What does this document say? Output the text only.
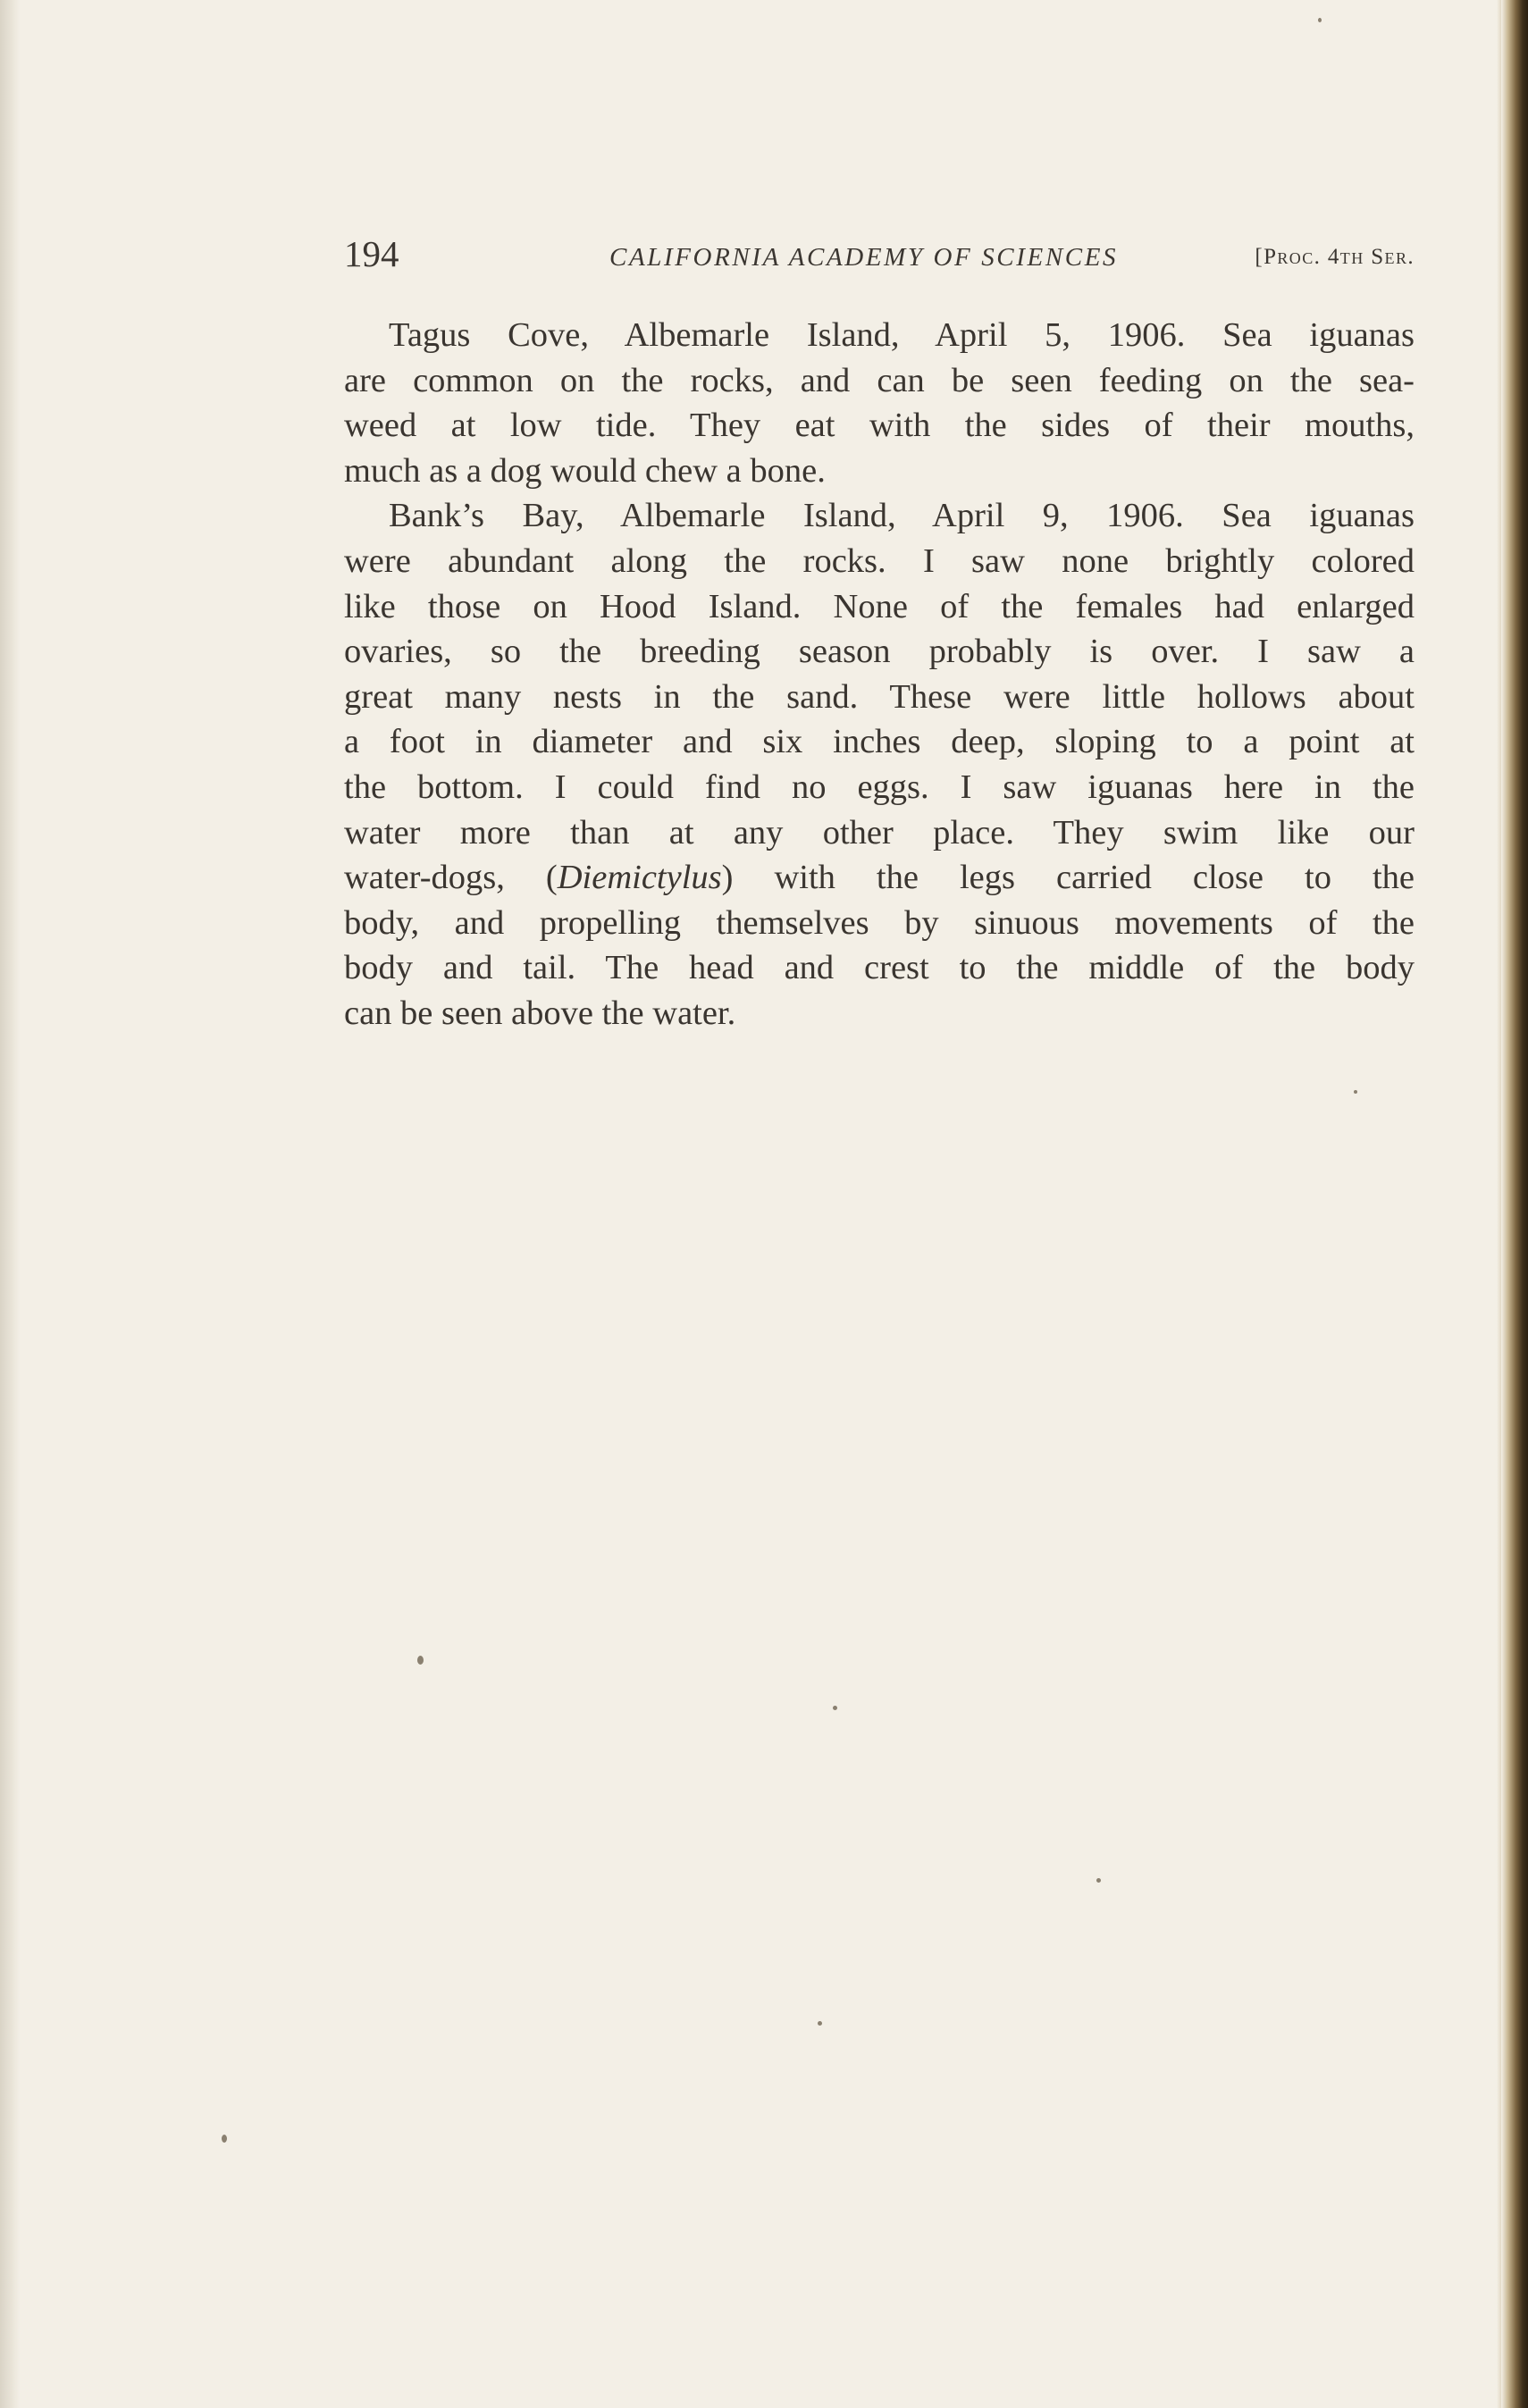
194	CALIFORNIA ACADEMY OF SCIENCES	[Proc. 4th Ser.
Tagus Cove, Albemarle Island, April 5, 1906. Sea iguanas
are common on the rocks, and can be seen feeding on the sea-
weed at low tide. They eat with the sides of their mouths,
much as a dog would chew a bone.
Bank’s Bay, Albemarle Island, April 9, 1906. Sea iguanas
were abundant along the rocks. I saw none brightly colored
like those on Hood Island. None of the females had enlarged
ovaries, so the breeding season probably is over. I saw a
great many nests in the sand. These were little hollows about
a foot in diameter and six inches deep, sloping to a point at
the bottom. I could find no eggs. I saw iguanas here in the
water more than at any other place. They swim like our
water-dogs, (Diemictylus) with the legs carried close to the
body, and propelling themselves by sinuous movements of the
body and tail. The head and crest to the middle of the body
can be seen above the water.
